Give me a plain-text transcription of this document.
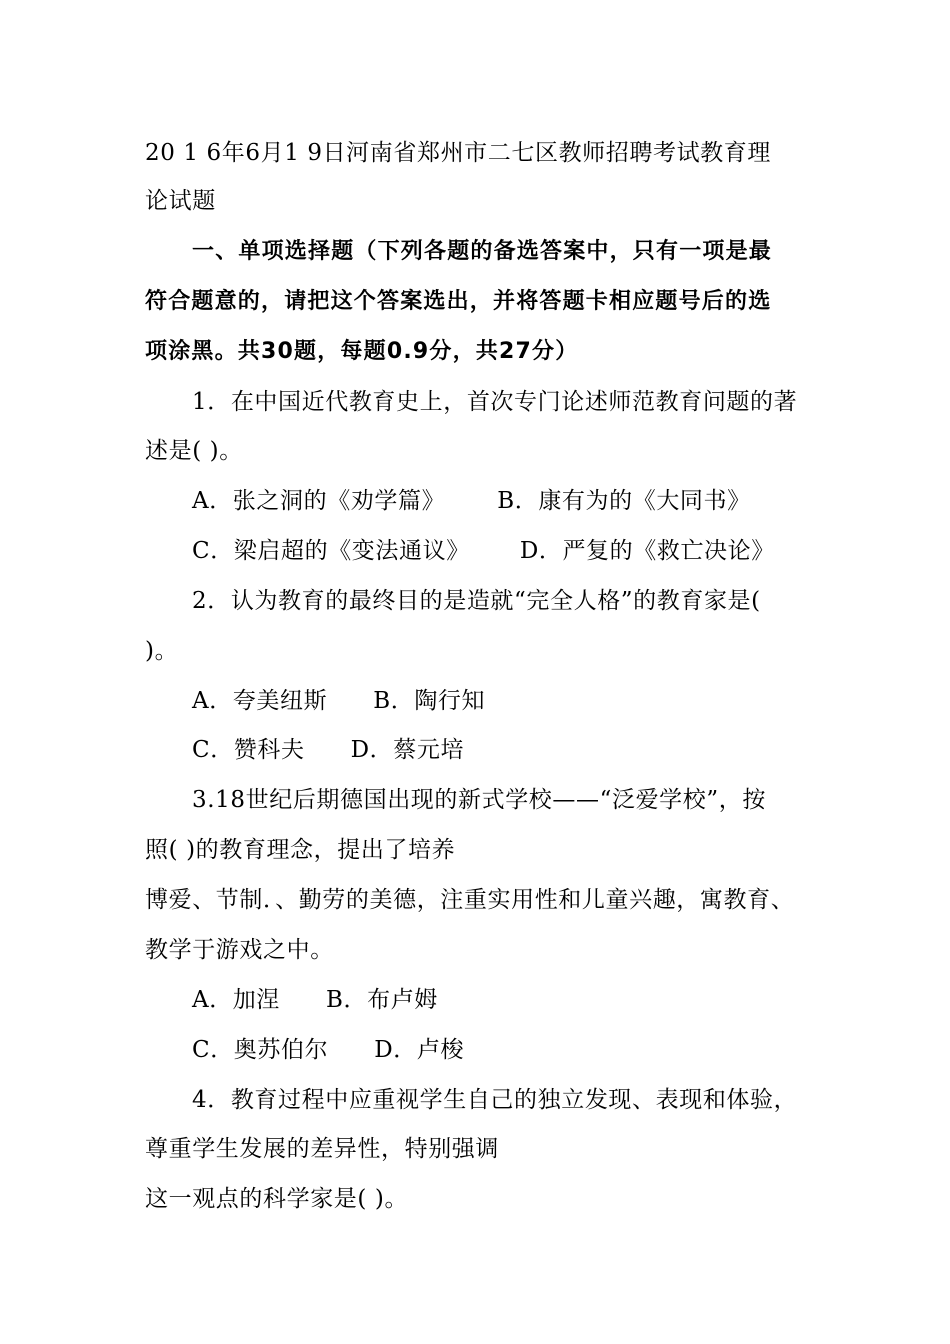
20 1 6年6月1 9日河南省郑州市二七区教师招聘考试教育理
论试题
一、单项选择题（下列各题的备选答案中，只有一项是最
符合题意的，请把这个答案选出，并将答题卡相应题号后的选
项涂黑。共30题，每题0.9分，共27分）
1．在中国近代教育史上，首次专门论述师范教育问题的著
述是( )。
A．张之洞的《劝学篇》 B．康有为的《大同书》
C．梁启超的《变法通议》 D．严复的《救亡决论》
2．认为教育的最终目的是造就“完全人格”的教育家是(
)。
A．夸美纽斯 B．陶行知
C．赞科夫 D．蔡元培
3.18世纪后期德国出现的新式学校——“泛爱学校”，按
照( )的教育理念，提出了培养
博爱、节制．、勤劳的美德，注重实用性和儿童兴趣，寓教育、
教学于游戏之中。
A．加涅 B．布卢姆
C．奥苏伯尔 D．卢梭
4．教育过程中应重视学生自己的独立发现、表现和体验，
尊重学生发展的差异性，特别强调
这一观点的科学家是( )。
